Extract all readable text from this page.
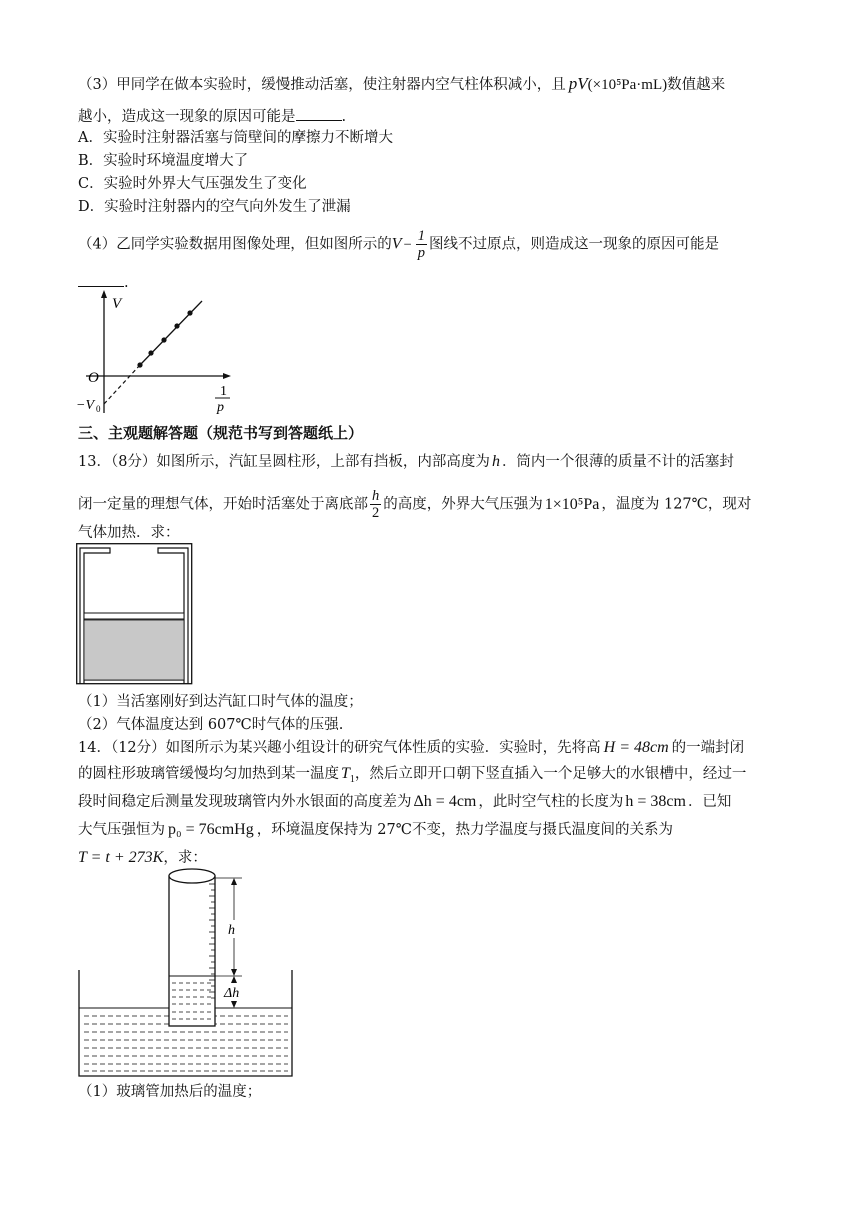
（3）甲同学在做本实验时，缓慢推动活塞，使注射器内空气柱体积减小，且 pV(×10⁵Pa·mL)数值越来
越小，造成这一现象的原因可能是	.
A．实验时注射器活塞与筒壁间的摩擦力不断增大
B．实验时环境温度增大了
C．实验时外界大气压强发生了变化
D．实验时注射器内的空气向外发生了泄漏
（4）乙同学实验数据用图像处理，但如图所示的$V - \frac{1}{p}$ 图线不过原点，则造成这一现象的原因可能是
.
V
O
−V 0
1
p
三、主观题解答题（规范书写到答题纸上）
13．（8分）如图所示，汽缸呈圆柱形，上部有挡板，内部高度为 h ．筒内一个很薄的质量不计的活塞封
闭一定量的理想气体，开始时活塞处于离底部 $\frac{h}{2}$ 的高度，外界大气压强为 1×10⁵Pa ，温度为 127℃，现对
气体加热．求：
（1）当活塞刚好到达汽缸口时气体的温度；
（2）气体温度达到 607℃时气体的压强.
14．（12分）如图所示为某兴趣小组设计的研究气体性质的实验．实验时，先将高 H = 48cm 的一端封闭
的圆柱形玻璃管缓慢均匀加热到某一温度 $T_1$，然后立即开口朝下竖直插入一个足够大的水银槽中，经过一
段时间稳定后测量发现玻璃管内外水银面的高度差为 Δh = 4cm ，此时空气柱的长度为 h = 38cm ．已知
大气压强恒为 p₀ = 76cmHg ，环境温度保持为 27℃不变，热力学温度与摄氏温度间的关系为
T = t + 273K，求：
h
Δh
（1）玻璃管加热后的温度；
